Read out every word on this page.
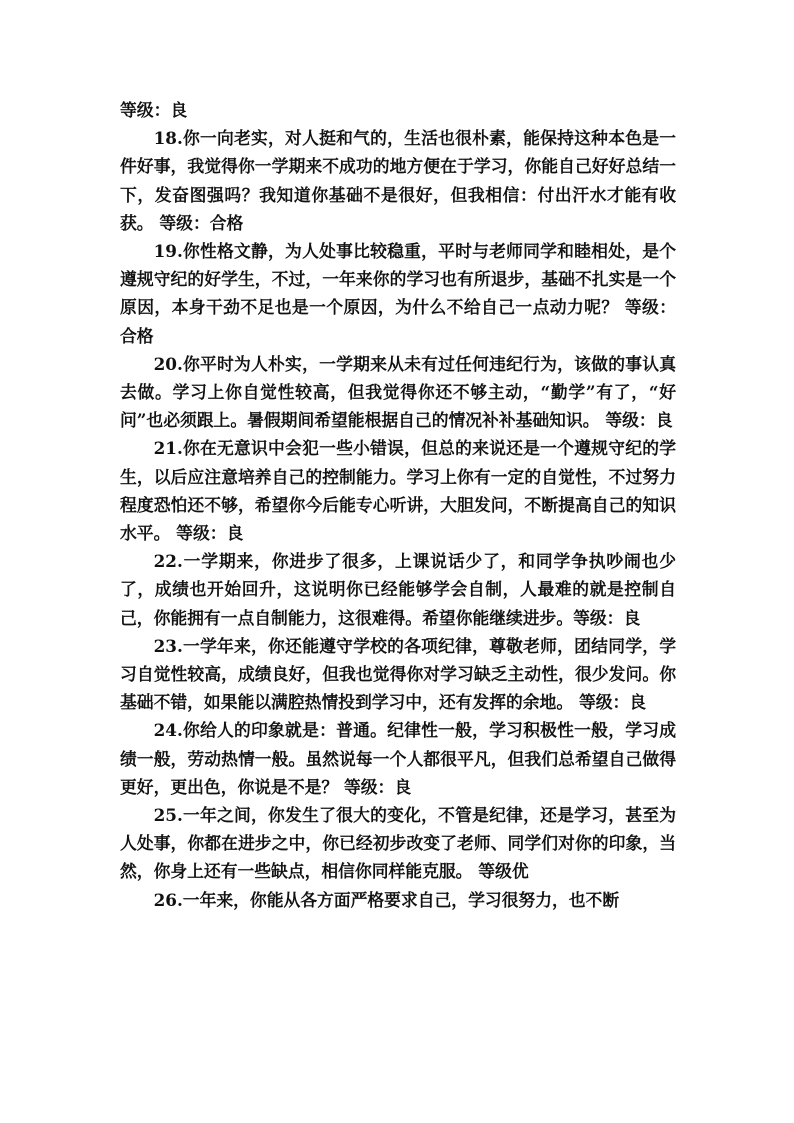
等级：良

18.你一向老实，对人挺和气的，生活也很朴素，能保持这种本色是一件好事，我觉得你一学期来不成功的地方便在于学习，你能自己好好总结一下，发奋图强吗？我知道你基础不是很好，但我相信：付出汗水才能有收获。 等级：合格

19.你性格文静，为人处事比较稳重，平时与老师同学和睦相处，是个遵规守纪的好学生，不过，一年来你的学习也有所退步，基础不扎实是一个原因，本身干劲不足也是一个原因，为什么不给自己一点动力呢？ 等级：合格

20.你平时为人朴实，一学期来从未有过任何违纪行为，该做的事认真去做。学习上你自觉性较高，但我觉得你还不够主动，“勤学”有了，“好问”也必须跟上。暑假期间希望能根据自己的情况补补基础知识。 等级：良

21.你在无意识中会犯一些小错误，但总的来说还是一个遵规守纪的学生，以后应注意培养自己的控制能力。学习上你有一定的自觉性，不过努力程度恐怕还不够，希望你今后能专心听讲，大胆发问，不断提高自己的知识水平。 等级：良

22.一学期来，你进步了很多，上课说话少了，和同学争执吵闹也少了，成绩也开始回升，这说明你已经能够学会自制，人最难的就是控制自己，你能拥有一点自制能力，这很难得。希望你能继续进步。等级：良

23.一学年来，你还能遵守学校的各项纪律，尊敬老师，团结同学，学习自觉性较高，成绩良好，但我也觉得你对学习缺乏主动性，很少发问。你基础不错，如果能以满腔热情投到学习中，还有发挥的余地。 等级：良

24.你给人的印象就是：普通。纪律性一般，学习积极性一般，学习成绩一般，劳动热情一般。虽然说每一个人都很平凡，但我们总希望自己做得更好，更出色，你说是不是？ 等级：良

25.一年之间，你发生了很大的变化，不管是纪律，还是学习，甚至为人处事，你都在进步之中，你已经初步改变了老师、同学们对你的印象，当然，你身上还有一些缺点，相信你同样能克服。 等级优

26.一年来，你能从各方面严格要求自己，学习很努力，也不断
